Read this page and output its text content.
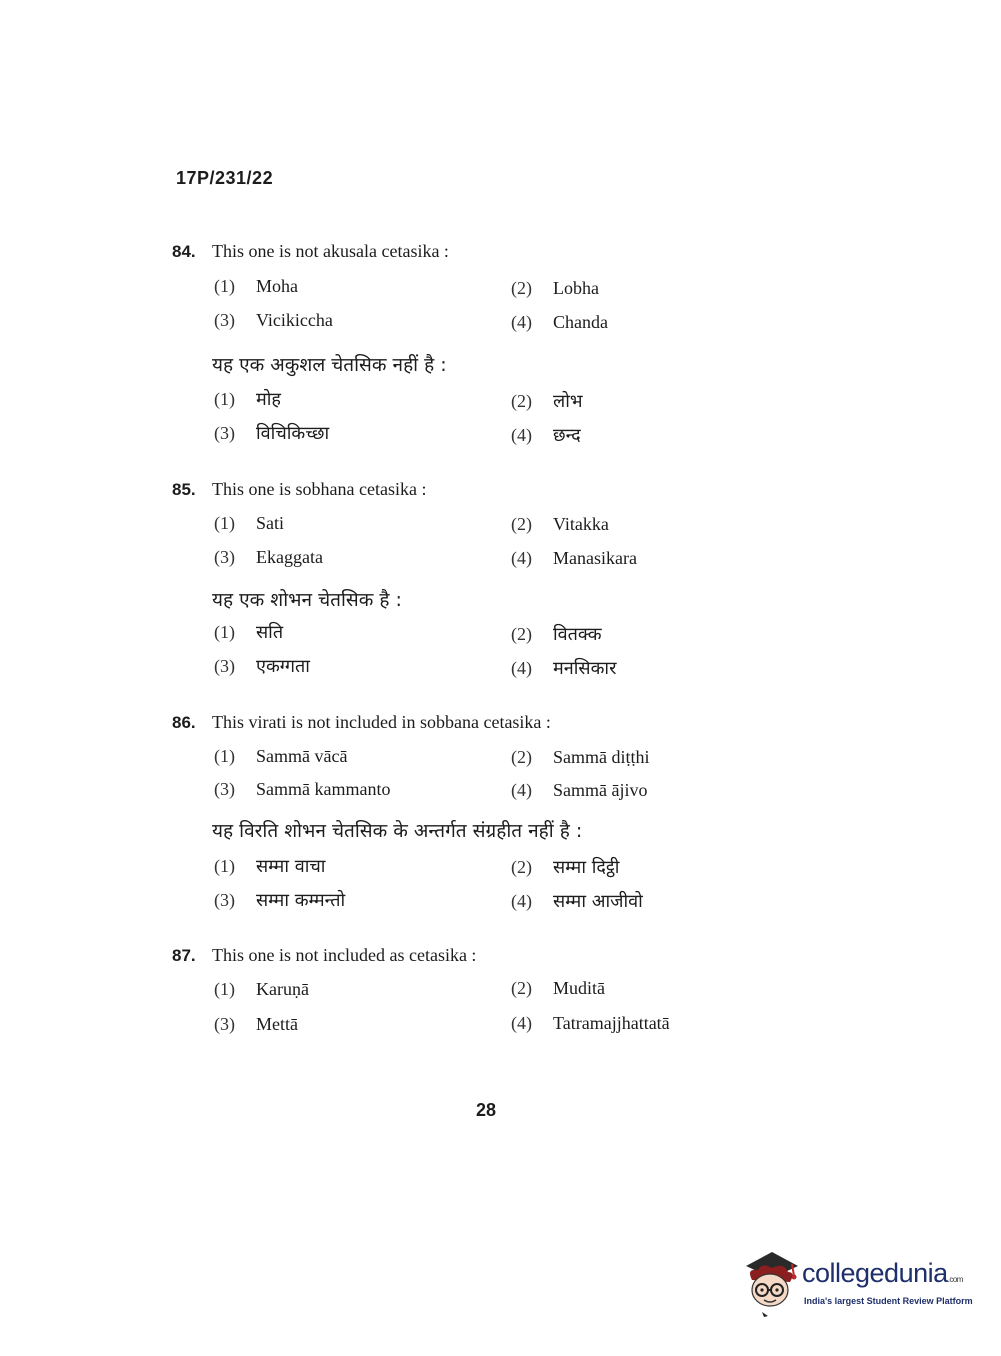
17P/231/22
84. This one is not akusala cetasika :
(1) Moha	(2) Lobha
(3) Vicikiccha	(4) Chanda
यह एक अकुशल चेतसिक नहीं है :
(1) मोह	(2) लोभ
(3) विचिकिच्छा	(4) छन्द
85. This one is sobhana cetasika :
(1) Sati	(2) Vitakka
(3) Ekaggata	(4) Manasikara
यह एक शोभन चेतसिक है :
(1) सति	(2) वितक्क
(3) एकग्गता	(4) मनसिकार
86. This virati is not included in sobbana cetasika :
(1) Sammā vācā	(2) Sammā diṭṭhi
(3) Sammā kammanto	(4) Sammā ājivo
यह विरति शोभन चेतसिक के अन्तर्गत संग्रहीत नहीं है :
(1) सम्मा वाचा	(2) सम्मा दिट्ठी
(3) सम्मा कम्मन्तो	(4) सम्मा आजीवो
87. This one is not included as cetasika :
(1) Karuṇā	(2) Muditā
(3) Mettā	(4) Tatramajjhattatā
28
collegedunia.com
India's largest Student Review Platform
